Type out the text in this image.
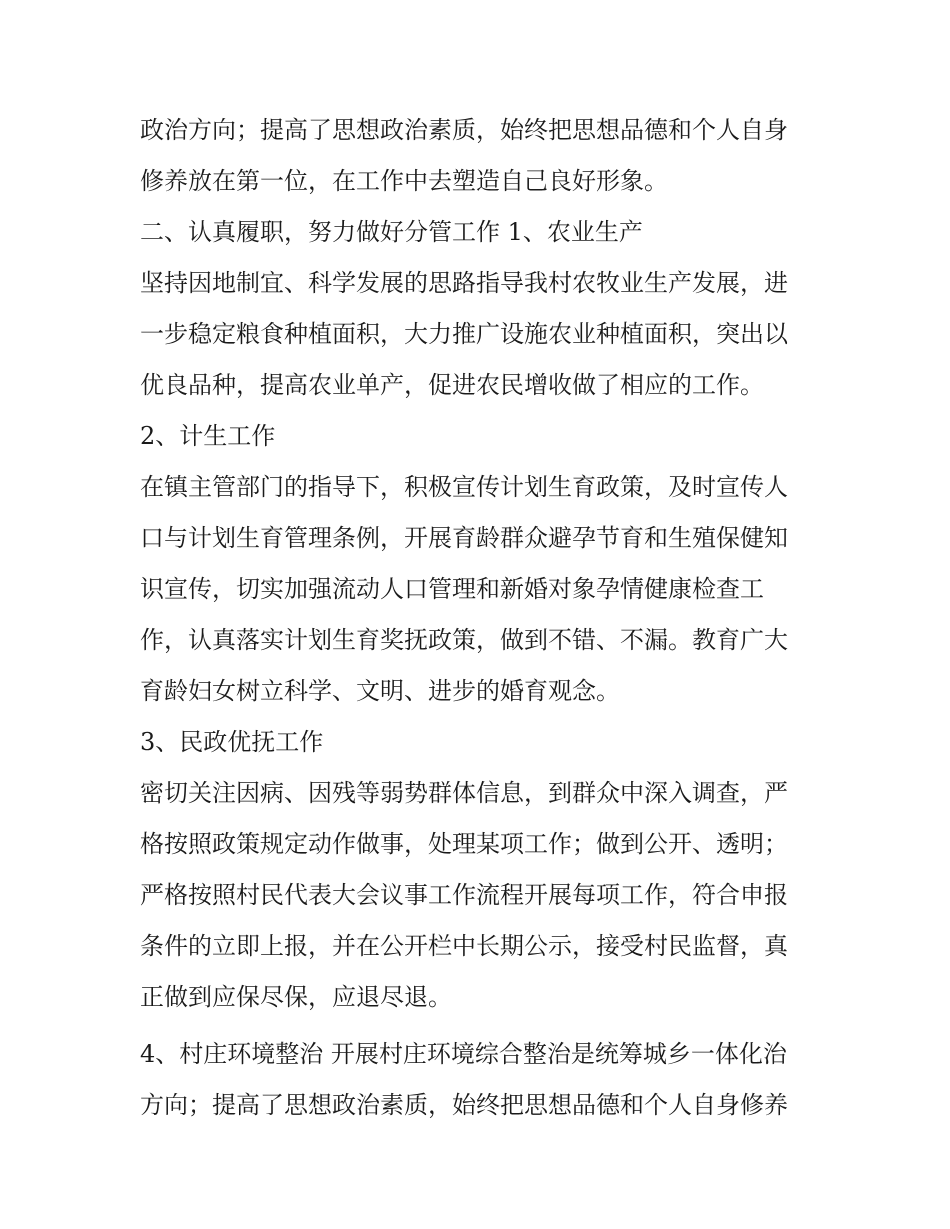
政治方向；提高了思想政治素质，始终把思想品德和个人自身
修养放在第一位，在工作中去塑造自己良好形象。
二、认真履职，努力做好分管工作 1、农业生产
坚持因地制宜、科学发展的思路指导我村农牧业生产发展，进
一步稳定粮食种植面积，大力推广设施农业种植面积，突出以
优良品种，提高农业单产，促进农民增收做了相应的工作。
2、计生工作
在镇主管部门的指导下，积极宣传计划生育政策，及时宣传人
口与计划生育管理条例，开展育龄群众避孕节育和生殖保健知
识宣传，切实加强流动人口管理和新婚对象孕情健康检查工
作，认真落实计划生育奖抚政策，做到不错、不漏。教育广大
育龄妇女树立科学、文明、进步的婚育观念。
3、民政优抚工作
密切关注因病、因残等弱势群体信息，到群众中深入调查，严
格按照政策规定动作做事，处理某项工作；做到公开、透明；
严格按照村民代表大会议事工作流程开展每项工作，符合申报
条件的立即上报，并在公开栏中长期公示，接受村民监督，真
正做到应保尽保，应退尽退。
4、村庄环境整治 开展村庄环境综合整治是统筹城乡一体化治
方向；提高了思想政治素质，始终把思想品德和个人自身修养
